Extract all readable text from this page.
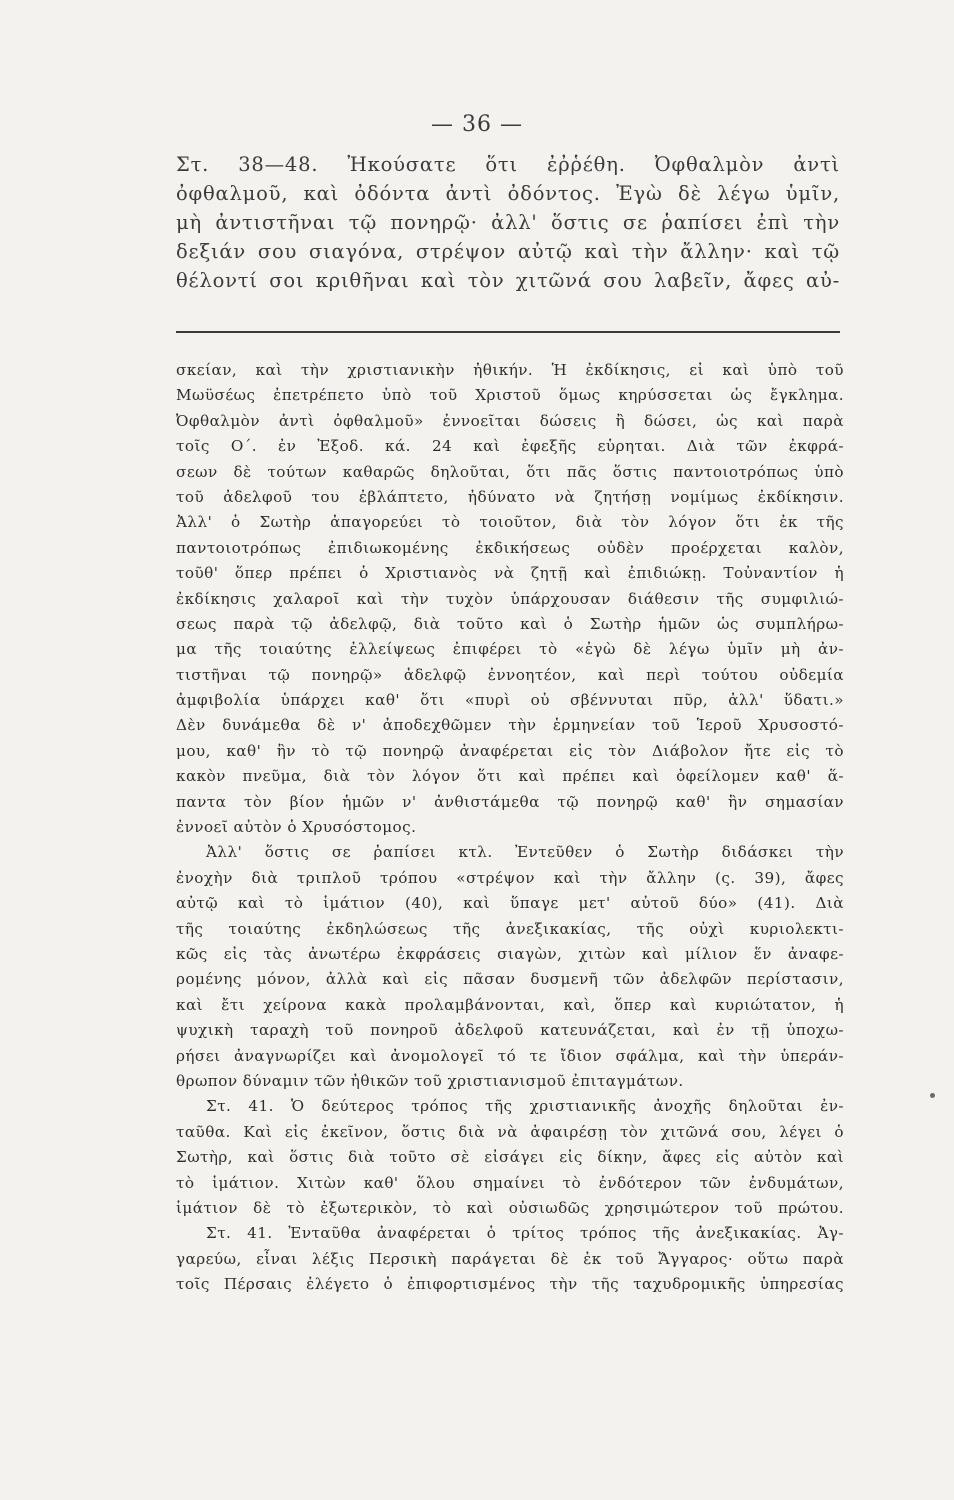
— 36 —
Στ. 38—48. Ἠκούσατε ὅτι ἐῤῥέθη. Ὀφθαλμὸν ἀντὶ
ὀφθαλμοῦ, καὶ ὀδόντα ἀντὶ ὀδόντος. Ἐγὼ δὲ λέγω ὑμῖν,
μὴ ἀντιστῆναι τῷ πονηρῷ· ἀλλ' ὅστις σε ῥαπίσει ἐπὶ τὴν
δεξιάν σου σιαγόνα, στρέψον αὐτῷ καὶ τὴν ἄλλην· καὶ τῷ
θέλοντί σοι κριθῆναι καὶ τὸν χιτῶνά σου λαβεῖν, ἄφες αὐ-
σκείαν, καὶ τὴν χριστιανικὴν ἠθικήν. Ἡ ἐκδίκησις, εἰ καὶ ὑπὸ τοῦ
Μωϋσέως ἐπετρέπετο ὑπὸ τοῦ Χριστοῦ ὅμως κηρύσσεται ὡς ἔγκλημα.
Ὀφθαλμὸν ἀντὶ ὀφθαλμοῦ» ἐννοεῖται δώσεις ἢ δώσει, ὡς καὶ παρὰ
τοῖς Ο΄. ἐν Ἐξοδ. κά. 24 καὶ ἐφεξῆς εὑρηται. Διὰ τῶν ἐκφρά-
σεων δὲ τούτων καθαρῶς δηλοῦται, ὅτι πᾶς ὅστις παντοιοτρόπως ὑπὸ
τοῦ ἀδελφοῦ του ἐβλάπτετο, ἠδύνατο νὰ ζητήσῃ νομίμως ἐκδίκησιν.
Ἀλλ' ὁ Σωτὴρ ἀπαγορεύει τὸ τοιοῦτον, διὰ τὸν λόγον ὅτι ἐκ τῆς
παντοιοτρόπως ἐπιδιωκομένης ἐκδικήσεως οὐδὲν προέρχεται καλὸν,
τοῦθ' ὅπερ πρέπει ὁ Χριστιανὸς νὰ ζητῇ καὶ ἐπιδιώκῃ. Τοὐναντίον ἡ
ἐκδίκησις χαλαροῖ καὶ τὴν τυχὸν ὑπάρχουσαν διάθεσιν τῆς συμφιλιώ-
σεως παρὰ τῷ ἀδελφῷ, διὰ τοῦτο καὶ ὁ Σωτὴρ ἡμῶν ὡς συμπλήρω-
μα τῆς τοιαύτης ἐλλείψεως ἐπιφέρει τὸ «ἐγὼ δὲ λέγω ὑμῖν μὴ ἀν-
τιστῆναι τῷ πονηρῷ» ἀδελφῷ ἐννοητέον, καὶ περὶ τούτου οὐδεμία
ἀμφιβολία ὑπάρχει καθ' ὅτι «πυρὶ οὐ σβέννυται πῦρ, ἀλλ' ὕδατι.»
Δὲν δυνάμεθα δὲ ν' ἀποδεχθῶμεν τὴν ἑρμηνείαν τοῦ Ἱεροῦ Χρυσοστό-
μου, καθ' ἣν τὸ τῷ πονηρῷ ἀναφέρεται εἰς τὸν Διάβολον ἤτε εἰς τὸ
κακὸν πνεῦμα, διὰ τὸν λόγον ὅτι καὶ πρέπει καὶ ὀφείλομεν καθ' ἅ-
παντα τὸν βίον ἡμῶν ν' ἀνθιστάμεθα τῷ πονηρῷ καθ' ἣν σημασίαν
ἐννοεῖ αὐτὸν ὁ Χρυσόστομος.
Ἀλλ' ὅστις σε ῥαπίσει κτλ. Ἐντεῦθεν ὁ Σωτὴρ διδάσκει τὴν
ἐνοχὴν διὰ τριπλοῦ τρόπου «στρέψον καὶ τὴν ἄλλην (ς. 39), ἄφες
αὐτῷ καὶ τὸ ἱμάτιον (40), καὶ ὕπαγε μετ' αὐτοῦ δύο» (41). Διὰ
τῆς τοιαύτης ἐκδηλώσεως τῆς ἀνεξικακίας, τῆς οὐχὶ κυριολεκτι-
κῶς εἰς τὰς ἀνωτέρω ἐκφράσεις σιαγὼν, χιτὼν καὶ μίλιον ἕν ἀναφε-
ρομένης μόνον, ἀλλὰ καὶ εἰς πᾶσαν δυσμενῆ τῶν ἀδελφῶν περίστασιν,
καὶ ἔτι χείρονα κακὰ προλαμβάνονται, καὶ, ὅπερ καὶ κυριώτατον, ἡ
ψυχικὴ ταραχὴ τοῦ πονηροῦ ἀδελφοῦ κατευνάζεται, καὶ ἐν τῇ ὑποχω-
ρήσει ἀναγνωρίζει καὶ ἀνομολογεῖ τό τε ἴδιον σφάλμα, καὶ τὴν ὑπεράν-
θρωπον δύναμιν τῶν ἠθικῶν τοῦ χριστιανισμοῦ ἐπιταγμάτων.
Στ. 41. Ὁ δεύτερος τρόπος τῆς χριστιανικῆς ἀνοχῆς δηλοῦται ἐν-
ταῦθα. Καὶ εἰς ἐκεῖνον, ὅστις διὰ νὰ ἀφαιρέσῃ τὸν χιτῶνά σου, λέγει ὁ
Σωτὴρ, καὶ ὅστις διὰ τοῦτο σὲ εἰσάγει εἰς δίκην, ἄφες εἰς αὐτὸν καὶ
τὸ ἱμάτιον. Χιτὼν καθ' ὅλου σημαίνει τὸ ἐνδότερον τῶν ἐνδυμάτων,
ἱμάτιον δὲ τὸ ἐξωτερικὸν, τὸ καὶ οὐσιωδῶς χρησιμώτερον τοῦ πρώτου.
Στ. 41. Ἐνταῦθα ἀναφέρεται ὁ τρίτος τρόπος τῆς ἀνεξικακίας. Ἀγ-
γαρεύω, εἶναι λέξις Περσικὴ παράγεται δὲ ἐκ τοῦ Ἄγγαρος· οὕτω παρὰ
τοῖς Πέρσαις ἐλέγετο ὁ ἐπιφορτισμένος τὴν τῆς ταχυδρομικῆς ὑπηρεσίας
